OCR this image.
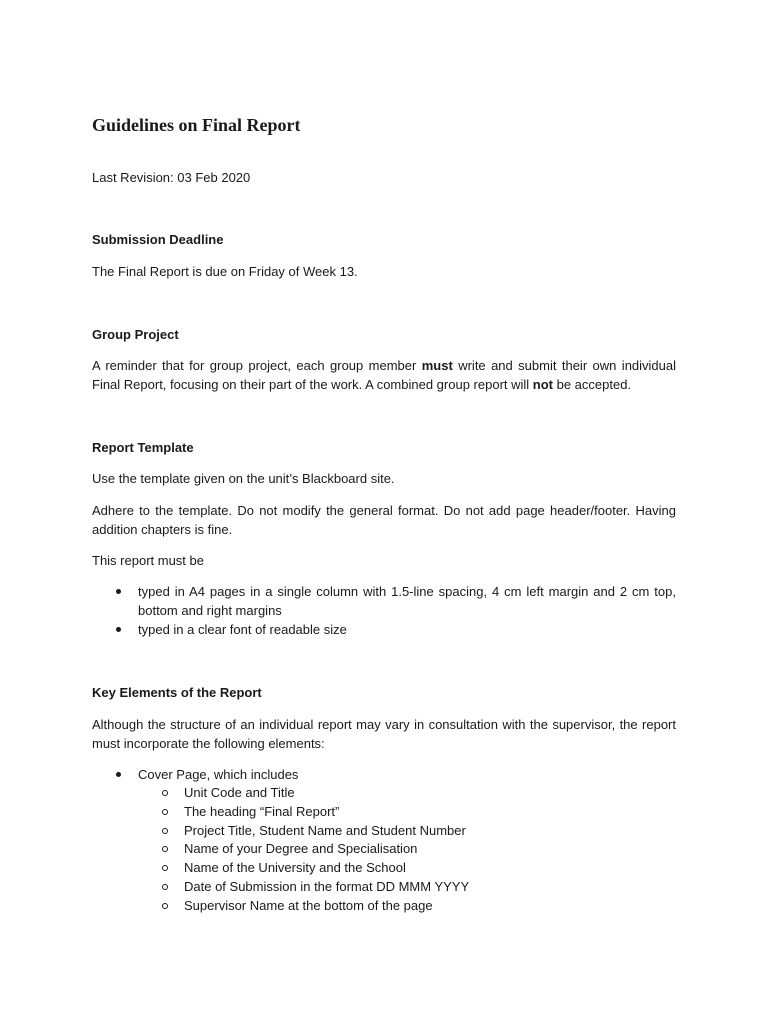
Guidelines on Final Report
Last Revision: 03 Feb 2020
Submission Deadline
The Final Report is due on Friday of Week 13.
Group Project
A reminder that for group project, each group member must write and submit their own individual Final Report, focusing on their part of the work. A combined group report will not be accepted.
Report Template
Use the template given on the unit’s Blackboard site.
Adhere to the template. Do not modify the general format. Do not add page header/footer. Having addition chapters is fine.
This report must be
typed in A4 pages in a single column with 1.5-line spacing, 4 cm left margin and 2 cm top, bottom and right margins
typed in a clear font of readable size
Key Elements of the Report
Although the structure of an individual report may vary in consultation with the supervisor, the report must incorporate the following elements:
Cover Page, which includes
Unit Code and Title
The heading “Final Report”
Project Title, Student Name and Student Number
Name of your Degree and Specialisation
Name of the University and the School
Date of Submission in the format DD MMM YYYY
Supervisor Name at the bottom of the page
